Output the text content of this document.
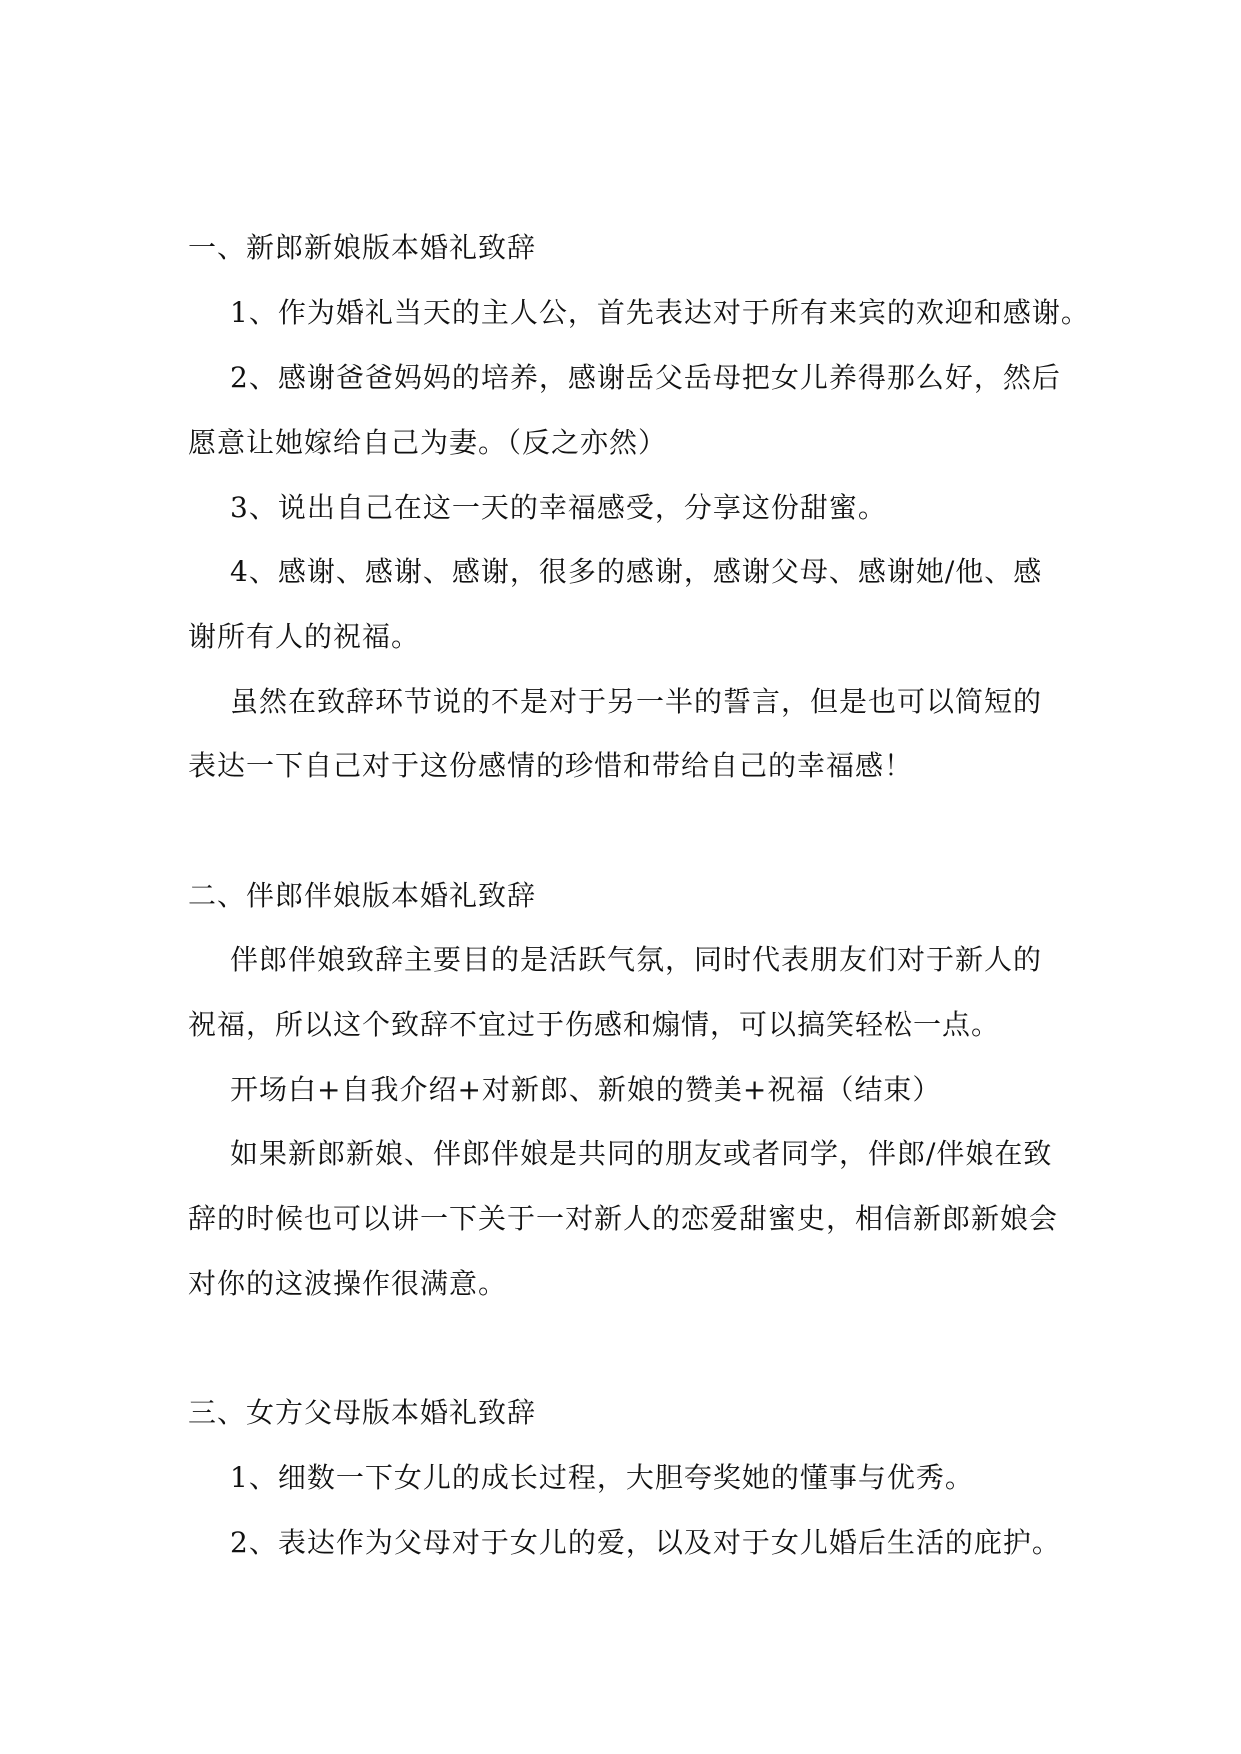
一、新郎新娘版本婚礼致辞
1、作为婚礼当天的主人公，首先表达对于所有来宾的欢迎和感谢。
2、感谢爸爸妈妈的培养，感谢岳父岳母把女儿养得那么好，然后
愿意让她嫁给自己为妻。（反之亦然）
3、说出自己在这一天的幸福感受，分享这份甜蜜。
4、感谢、感谢、感谢，很多的感谢，感谢父母、感谢她/他、感
谢所有人的祝福。
虽然在致辞环节说的不是对于另一半的誓言，但是也可以简短的
表达一下自己对于这份感情的珍惜和带给自己的幸福感！
二、伴郎伴娘版本婚礼致辞
伴郎伴娘致辞主要目的是活跃气氛，同时代表朋友们对于新人的
祝福，所以这个致辞不宜过于伤感和煽情，可以搞笑轻松一点。
开场白+自我介绍+对新郎、新娘的赞美+祝福（结束）
如果新郎新娘、伴郎伴娘是共同的朋友或者同学，伴郎/伴娘在致
辞的时候也可以讲一下关于一对新人的恋爱甜蜜史，相信新郎新娘会
对你的这波操作很满意。
三、女方父母版本婚礼致辞
1、细数一下女儿的成长过程，大胆夸奖她的懂事与优秀。
2、表达作为父母对于女儿的爱，以及对于女儿婚后生活的庇护。
